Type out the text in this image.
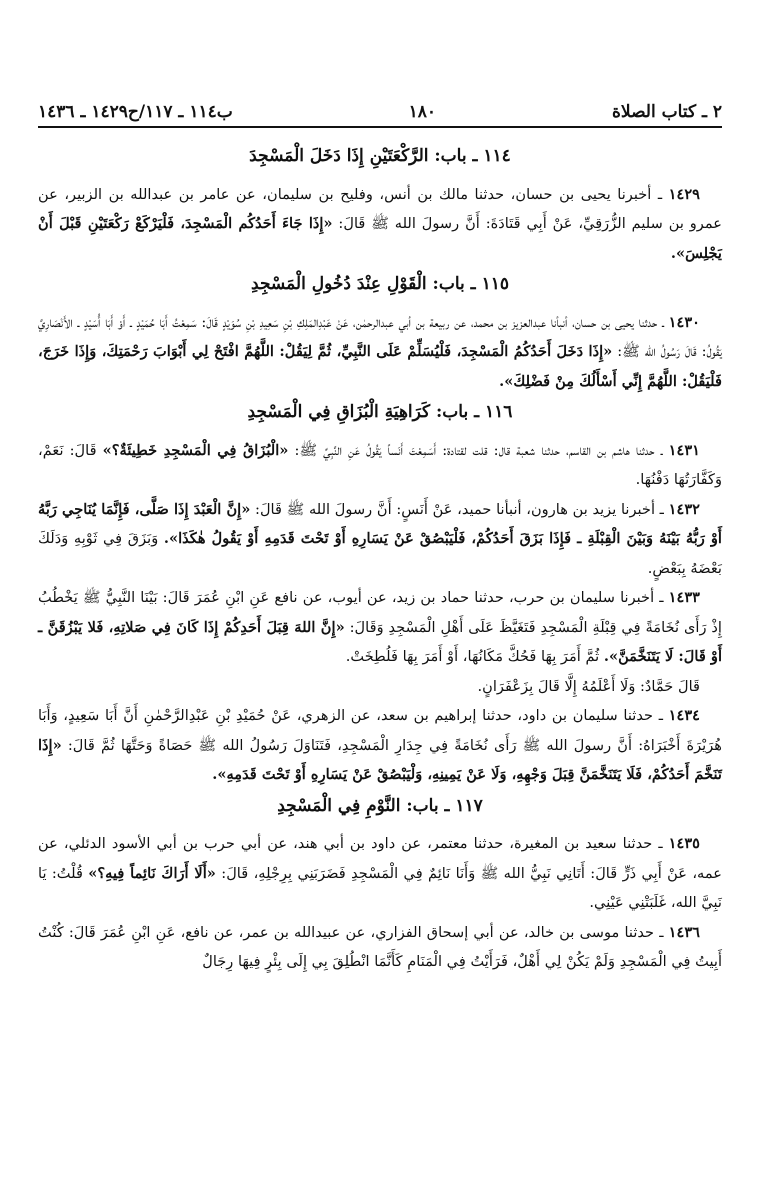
٢ ـ كتاب الصلاة
١٨٠
ب١١٤ ـ ١١٧/ح١٤٢٩ ـ ١٤٣٦
١١٤ ـ باب: الرَّكْعَتَيْنِ إِذَا دَخَلَ الْمَسْجِدَ

١٤٢٩ ـ أخبرنا يحيى بن حسان، حدثنا مالك بن أنس، وفليح بن سليمان، عن عامر بن عبدالله بن الزبير، عن عمرو بن سليم الزُّرَقِيِّ، عَنْ أَبِي قَتَادَةَ: أَنَّ رسولَ الله ﷺ قَالَ: «إِذَا جَاءَ أَحَدُكُم الْمَسْجِدَ، فَلْيَرْكَعْ رَكْعَتَيْنِ قَبْلَ أَنْ يَجْلِسَ».

١١٥ ـ باب: الْقَوْلِ عِنْدَ دُخُولِ الْمَسْجِدِ

١٤٣٠ ـ حدثنا يحيى بن حسان، أنبأنا عبدالعزيز بن محمد، عن ربيعة بن أبي عبدالرحمٰن، عَنْ عَبْدِالمَلِكِ بْنِ سَعِيدِ بْنِ سُوَيْدٍ قَالَ: سَمِعْتُ أَبَا حُمَيْدٍ ـ أَوْ أَبَا أُسَيْدٍ ـ الأَنْصَارِيَّ يَقُولُ: قَالَ رَسُولُ الله ﷺ: «إِذَا دَخَلَ أَحَدُكُمُ الْمَسْجِدَ، فَلْيُسَلِّمْ عَلَى النَّبِيِّ، ثُمَّ لِيَقُلْ: اللَّهُمَّ افْتَحْ لِي أَبْوَابَ رَحْمَتِكَ، وَإِذَا خَرَجَ، فَلْيَقُلْ: اللَّهُمَّ إِنِّي أَسْأَلُكَ مِنْ فَضْلِكَ».

١١٦ ـ باب: كَرَاهِيَةِ الْبُزَاقِ فِي الْمَسْجِدِ

١٤٣١ ـ حدثنا هاشم بن القاسم، حدثنا شعبة قال: قلت لقتادة: أَسَمِعْتَ أَنَساً يَقُولُ عَنِ النَّبِيِّ ﷺ: «الْبُزَاقُ فِي الْمَسْجِدِ خَطِيئَةٌ؟» قَالَ: نَعَمْ، وَكَفَّارَتُهَا دَفْنُهَا.

١٤٣٢ ـ أخبرنا يزيد بن هارون، أنبأنا حميد، عَنْ أَنَسٍ: أَنَّ رسولَ الله ﷺ قَالَ: «إِنَّ الْعَبْدَ إِذَا صَلَّى، فَإِنَّمَا يُنَاجِي رَبَّهُ أَوْ رَبُّهُ بَيْنَهُ وَبَيْنَ الْقِبْلَةِ ـ فَإِذَا بَزَقَ أَحَدُكُمْ، فَلْيَبْصُقْ عَنْ يَسَارِهِ أَوْ تَحْتَ قَدَمِهِ أَوْ يَقُولُ هٰكَذَا». وَبَزَقَ فِي ثَوْبِهِ وَدَلَكَ بَعْضَهُ بِبَعْضٍ.

١٤٣٣ ـ أخبرنا سليمان بن حرب، حدثنا حماد بن زيد، عن أيوب، عن نافع عَنِ ابْنِ عُمَرَ قَالَ: بَيْنَا النَّبِيُّ ﷺ يَخْطُبُ إِذْ رَأَى نُخَامَةً فِي قِبْلَةِ الْمَسْجِدِ فَتَغَيَّظَ عَلَى أَهْلِ الْمَسْجِدِ وَقَالَ: «إِنَّ اللهَ قِبَلَ أَحَدِكُمْ إِذَا كَانَ فِي صَلاتِهِ، فَلا يَبْزُقَنَّ ـ أَوْ قَالَ: لَا يَتَنَخَّمَنَّ». ثُمَّ أَمَرَ بِهَا فَحُكَّ مَكَانُهَا، أَوْ أَمَرَ بِهَا فَلُطِخَتْ.

قَالَ حَمَّادٌ: وَلَا أَعْلَمُهُ إِلَّا قَالَ بِزَعْفَرَانٍ.

١٤٣٤ ـ حدثنا سليمان بن داود، حدثنا إبراهيم بن سعد، عن الزهري، عَنْ حُمَيْدِ بْنِ عَبْدِالرَّحْمٰنِ أَنَّ أَبَا سَعِيدٍ، وَأَبَا هُرَيْرَةَ أَخْبَرَاهُ: أَنَّ رسولَ الله ﷺ رَأَى نُخَامَةً فِي جِدَارِ الْمَسْجِدِ، فَتَنَاوَلَ رَسُولُ الله ﷺ حَصَاةً وَحَتَّهَا ثُمَّ قَالَ: «إِذَا تَنَخَّمَ أَحَدُكُمْ، فَلَا يَتَنَخَّمَنَّ قِبَلَ وَجْهِهِ، وَلَا عَنْ يَمِينِهِ، وَلْيَبْصُقْ عَنْ يَسَارِهِ أَوْ تَحْتَ قَدَمِهِ».

١١٧ ـ باب: النَّوْمِ فِي الْمَسْجِدِ

١٤٣٥ ـ حدثنا سعيد بن المغيرة، حدثنا معتمر، عن داود بن أبي هند، عن أبي حرب بن أبي الأسود الدئلي، عن عمه، عَنْ أَبِي ذَرٍّ قَالَ: أَتَانِي نَبِيُّ الله ﷺ وَأَنَا نَائِمٌ فِي الْمَسْجِدِ فَضَرَبَنِي بِرِجْلِهِ، قَالَ: «أَلَا أَرَاكَ نَائِماً فِيهِ؟» قُلْتُ: يَا نَبِيَّ الله، غَلَبَتْنِي عَيْنِي.

١٤٣٦ ـ حدثنا موسى بن خالد، عن أبي إسحاق الفزاري، عن عبيدالله بن عمر، عن نافع، عَنِ ابْنِ عُمَرَ قَالَ: كُنْتُ أَبِيتُ فِي الْمَسْجِدِ وَلَمْ يَكُنْ لِي أَهْلٌ، فَرَأَيْتُ فِي الْمَنَامِ كَأَنَّمَا انْطُلِقَ بِي إِلَى بِئْرٍ فِيهَا رِجَالٌ
